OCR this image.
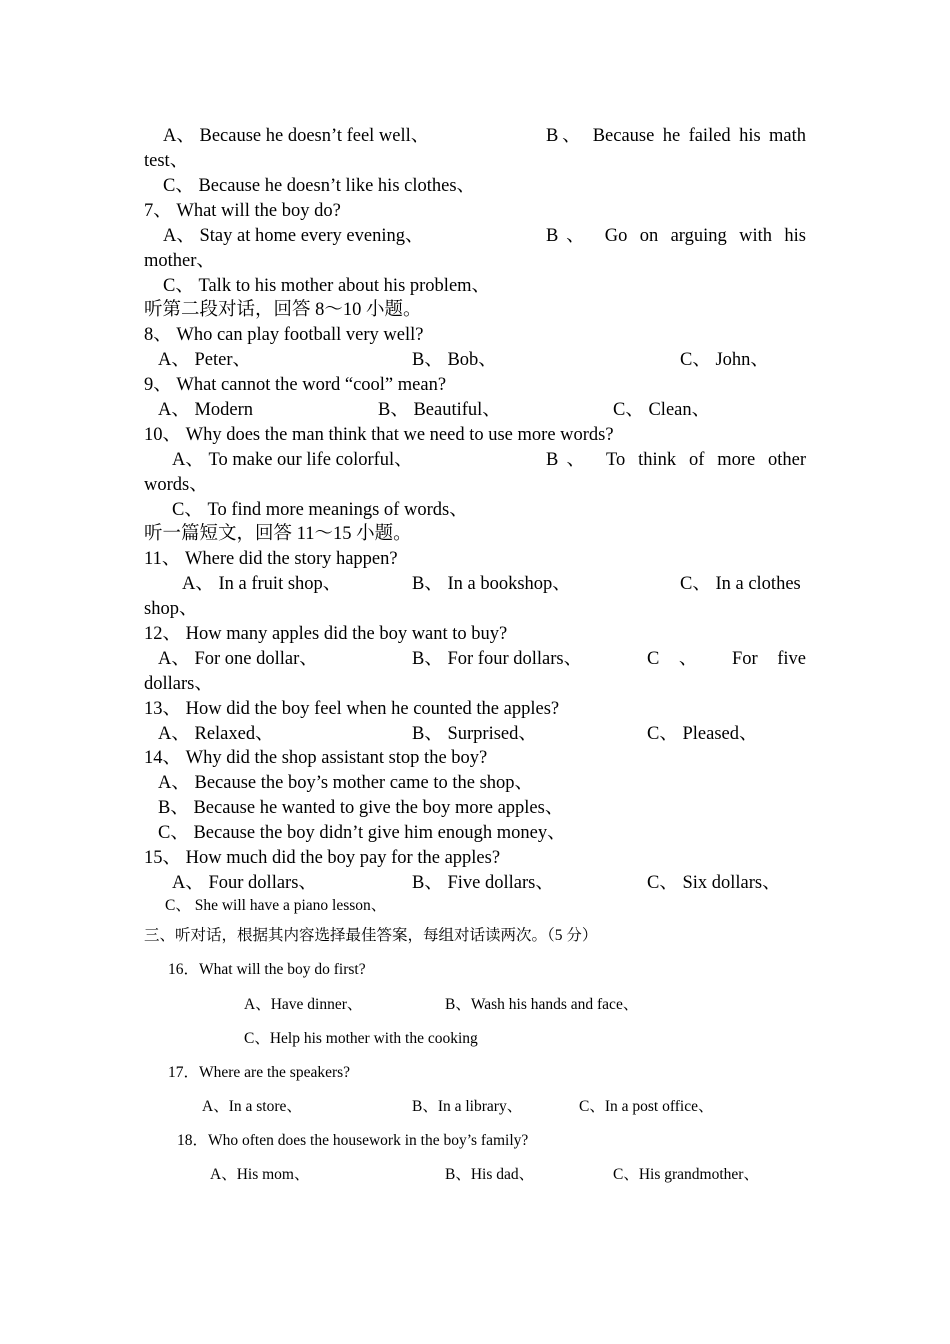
A、 Because he doesn’t feel well、	B、 Because he failed his math
test、
C、 Because he doesn’t like his clothes、
7、 What will the boy do?
A、 Stay at home every evening、	B、 Go on arguing with his
mother、
C、 Talk to his mother about his problem、
听第二段对话，回答 8～10 小题。
8、 Who can play football very well?
A、 Peter、	B、 Bob、	C、 John、
9、 What cannot the word “cool” mean?
A、 Modern	B、 Beautiful、	C、 Clean、
10、 Why does the man think that we need to use more words?
A、 To make our life colorful、	B、 To think of more other
words、
C、 To find more meanings of words、
听一篇短文，回答 11～15 小题。
11、 Where did the story happen?
A、 In a fruit shop、	B、 In a bookshop、	C、 In a clothes
shop、
12、 How many apples did the boy want to buy?
A、 For one dollar、	B、 For four dollars、	C 、 For five
dollars、
13、 How did the boy feel when he counted the apples?
A、 Relaxed、	B、 Surprised、	C、 Pleased、
14、 Why did the shop assistant stop the boy?
A、 Because the boy’s mother came to the shop、
B、 Because he wanted to give the boy more apples、
C、 Because the boy didn’t give him enough money、
15、 How much did the boy pay for the apples?
A、 Four dollars、	B、 Five dollars、	C、 Six dollars、
C、 She will have a piano lesson、
三、听对话，根据其内容选择最佳答案，每组对话读两次。（5 分）
16．What will the boy do first?
A、Have dinner、	B、Wash his hands and face、
C、Help his mother with the cooking
17．Where are the speakers?
A、In a store、	B、In a library、	C、In a post office、
18．Who often does the housework in the boy’s family?
A、His mom、	B、His dad、	C、His grandmother、
